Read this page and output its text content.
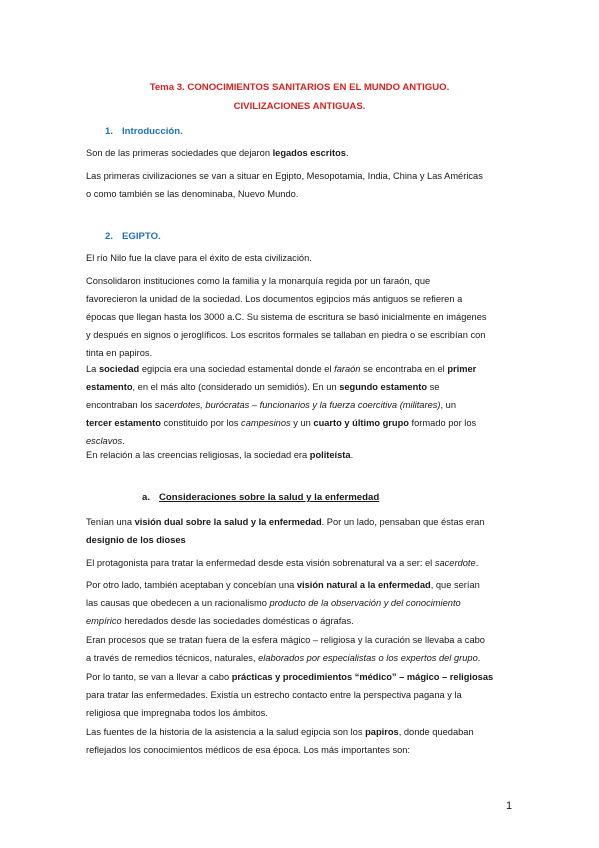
Tema 3. CONOCIMIENTOS SANITARIOS EN EL MUNDO ANTIGUO.
CIVILIZACIONES ANTIGUAS.
1. Introducción.
Son de las primeras sociedades que dejaron legados escritos.
Las primeras civilizaciones se van a situar en Egipto, Mesopotamia, India, China y Las Américas
o como también se las denominaba, Nuevo Mundo.
2. EGIPTO.
El río Nilo fue la clave para el éxito de esta civilización.
Consolidaron instituciones como la familia y la monarquía regida por un faraón, que
favorecieron la unidad de la sociedad. Los documentos egipcios más antiguos se refieren a
épocas que llegan hasta los 3000 a.C. Su sistema de escritura se basó inicialmente en imágenes
y después en signos o jeroglíficos. Los escritos formales se tallaban en piedra o se escribían con
tinta en papiros.
La sociedad egipcia era una sociedad estamental donde el faraón se encontraba en el primer
estamento, en el más alto (considerado un semidiós). En un segundo estamento se
encontraban los sacerdotes, burócratas – funcionarios y la fuerza coercitiva (militares), un
tercer estamento constituido por los campesinos y un cuarto y último grupo formado por los
esclavos.
En relación a las creencias religiosas, la sociedad era politeísta.
a. Consideraciones sobre la salud y la enfermedad
Tenían una visión dual sobre la salud y la enfermedad. Por un lado, pensaban que éstas eran
designio de los dioses
El protagonista para tratar la enfermedad desde esta visión sobrenatural va a ser: el sacerdote.
Por otro lado, también aceptaban y concebían una visión natural a la enfermedad, que serían
las causas que obedecen a un racionalismo producto de la observación y del conocimiento
empírico heredados desde las sociedades domésticas o ágrafas.
Eran procesos que se tratan fuera de la esfera mágico – religiosa y la curación se llevaba a cabo
a través de remedios técnicos, naturales, elaborados por especialistas o los expertos del grupo.
Por lo tanto, se van a llevar a cabo prácticas y procedimientos “médico” – mágico – religiosas
para tratar las enfermedades. Existía un estrecho contacto entre la perspectiva pagana y la
religiosa que impregnaba todos los ámbitos.
Las fuentes de la historia de la asistencia a la salud egipcia son los papiros, donde quedaban
reflejados los conocimientos médicos de esa época. Los más importantes son:
1
